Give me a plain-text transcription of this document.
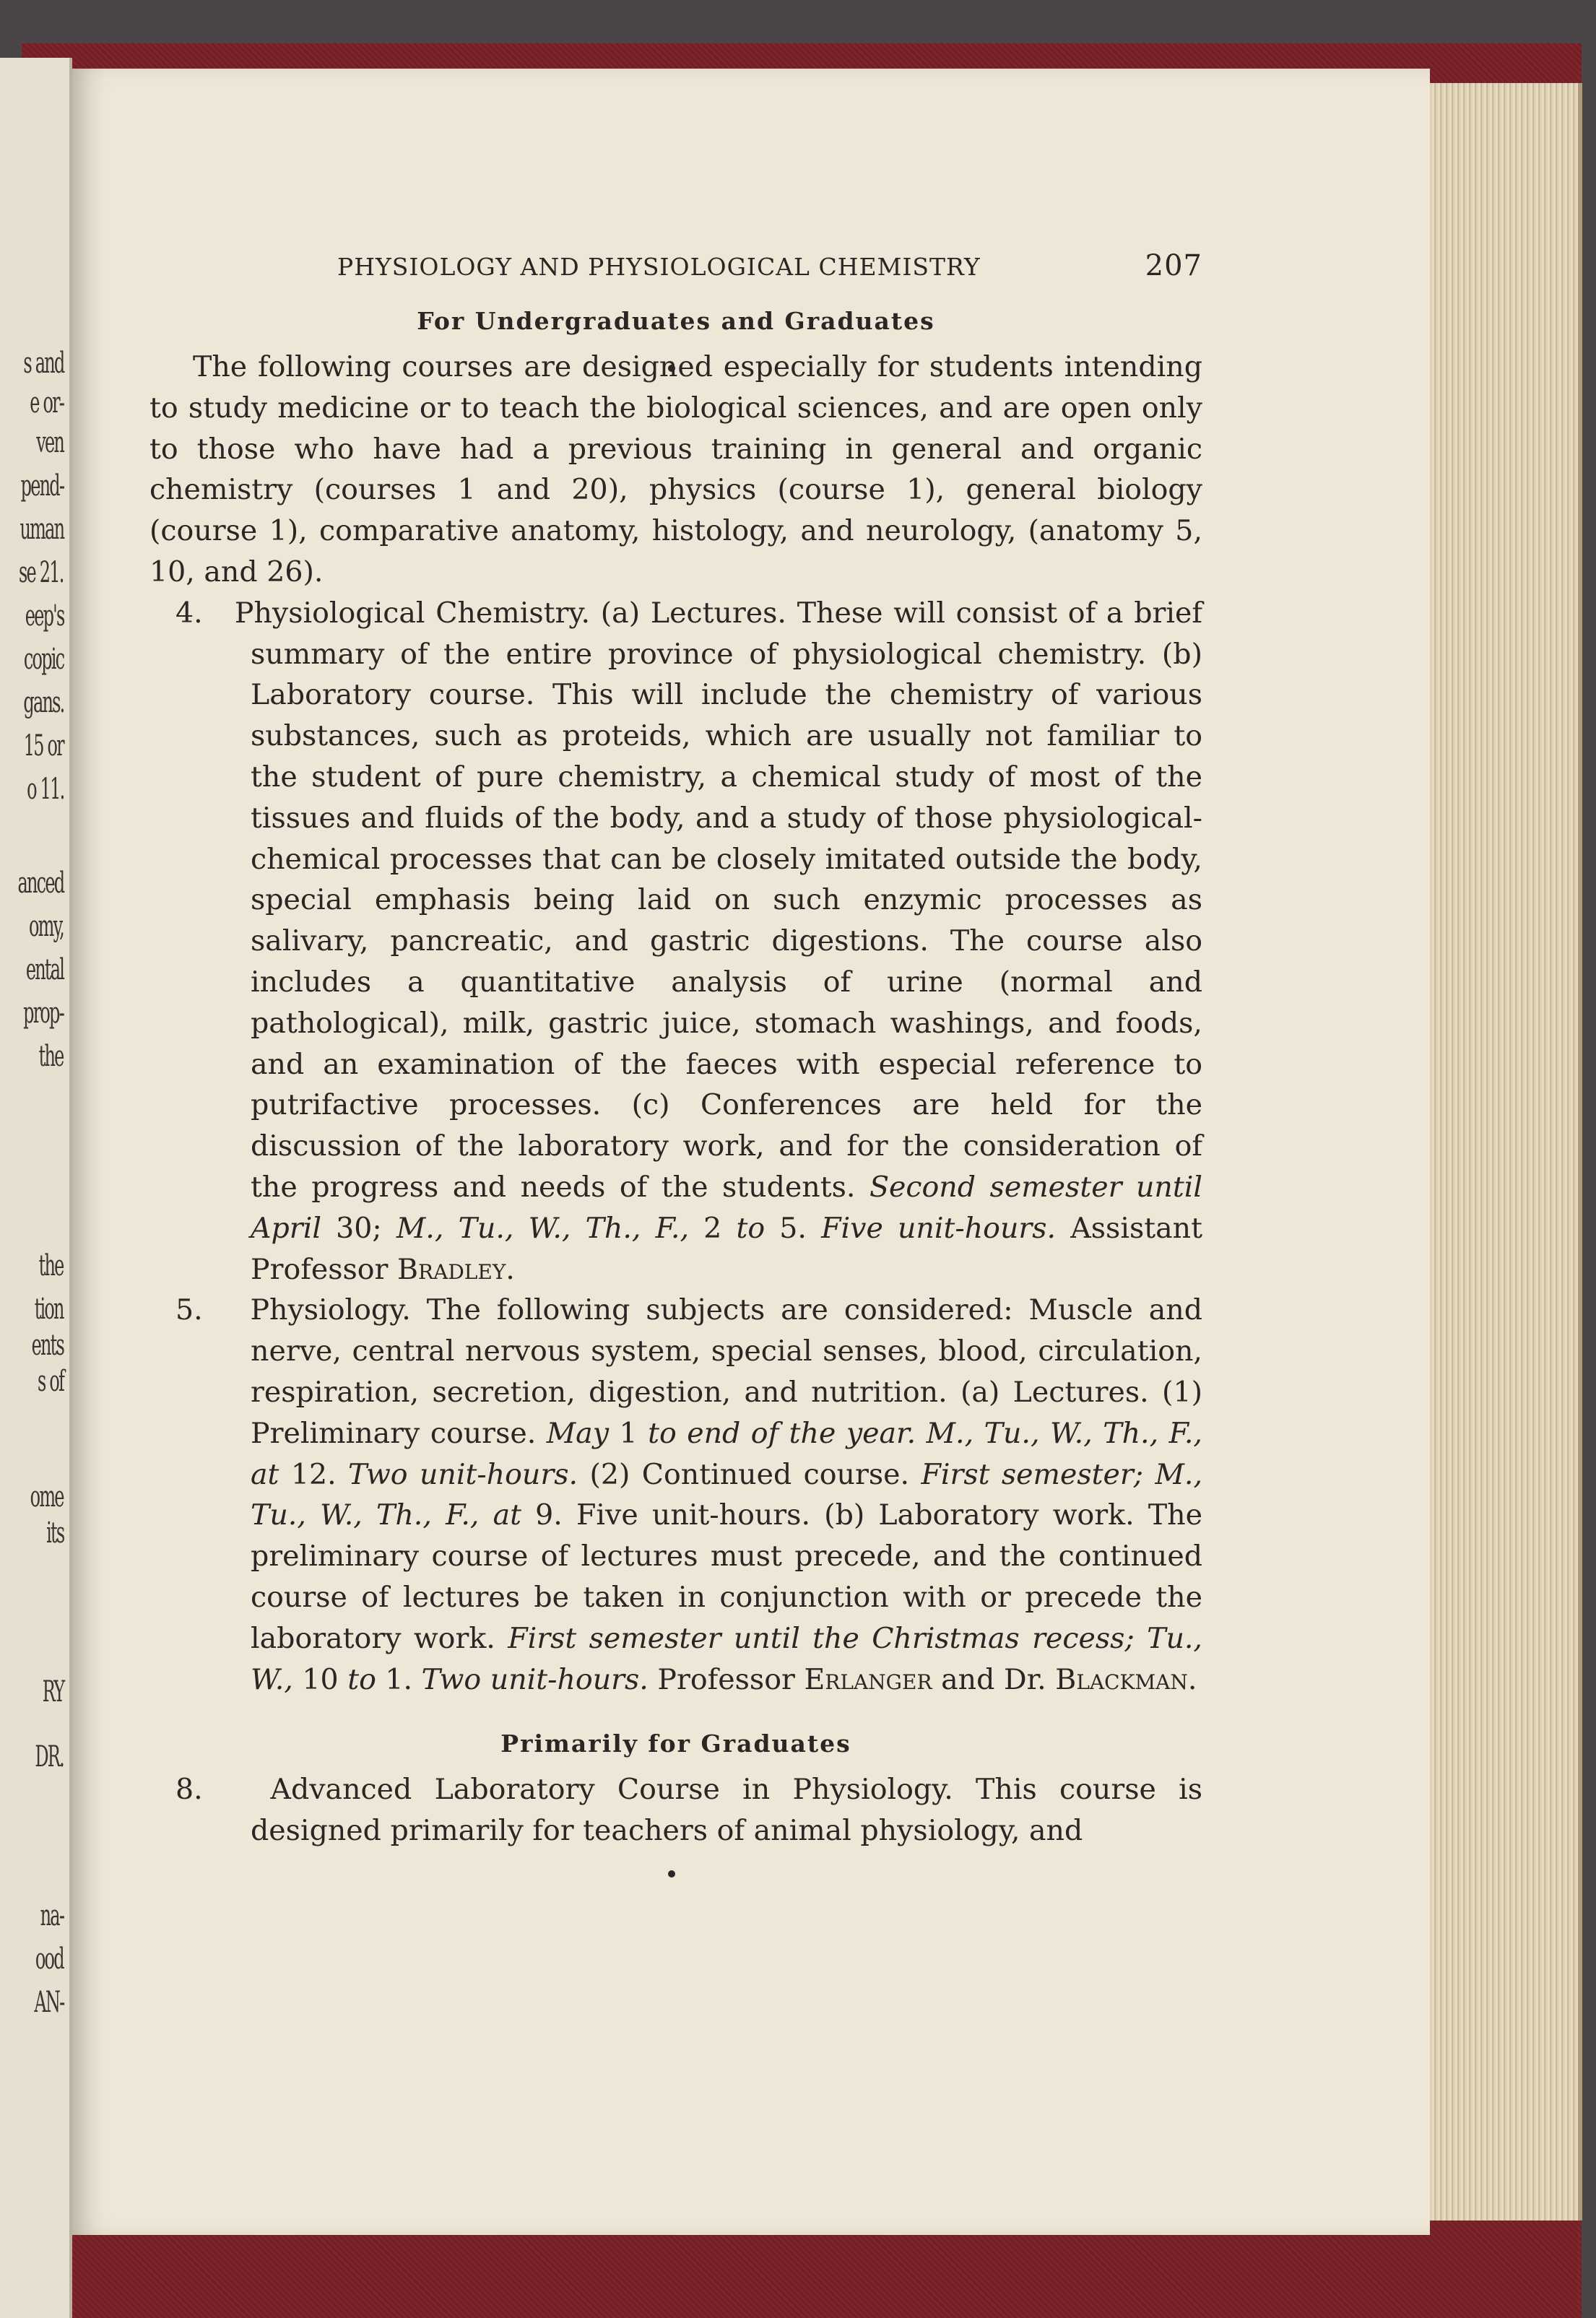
s and
e or-
ven
pend-
uman
se 21.
eep's
copic
gans.
15 or
o 11.
anced
omy,
ental
prop-
the
the
tion
ents
s of
ome
its
RY
DR.
na-
ood
AN-
PHYSIOLOGY AND PHYSIOLOGICAL CHEMISTRY	207
For Undergraduates and Graduates

The following courses are designed especially for students intending to study medicine or to teach the biological sciences, and are open only to those who have had a previous training in general and organic chemistry (courses 1 and 20), physics (course 1), general biology (course 1), comparative anatomy, histology, and neurology, (anatomy 5, 10, and 26).

4. Physiological Chemistry. (a) Lectures. These will consist of a brief summary of the entire province of physiological chemistry. (b) Laboratory course. This will include the chemistry of various substances, such as proteids, which are usually not familiar to the student of pure chemistry, a chemical study of most of the tissues and fluids of the body, and a study of those physiological-chemical processes that can be closely imitated outside the body, special emphasis being laid on such enzymic processes as salivary, pancreatic, and gastric digestions. The course also includes a quantitative analysis of urine (normal and pathological), milk, gastric juice, stomach washings, and foods, and an examination of the faeces with especial reference to putrifactive processes. (c) Conferences are held for the discussion of the laboratory work, and for the consideration of the progress and needs of the students. Second semester until April 30; M., Tu., W., Th., F., 2 to 5. Five unit-hours. Assistant Professor Bradley.

5. Physiology. The following subjects are considered: Muscle and nerve, central nervous system, special senses, blood, circulation, respiration, secretion, digestion, and nutrition. (a) Lectures. (1) Preliminary course. May 1 to end of the year. M., Tu., W., Th., F., at 12. Two unit-hours. (2) Continued course. First semester; M., Tu., W., Th., F., at 9. Five unit-hours. (b) Laboratory work. The preliminary course of lectures must precede, and the continued course of lectures be taken in conjunction with or precede the laboratory work. First semester until the Christmas recess; Tu., W., 10 to 1. Two unit-hours. Professor Erlanger and Dr. Blackman.

Primarily for Graduates

8. Advanced Laboratory Course in Physiology. This course is designed primarily for teachers of animal physiology, and
